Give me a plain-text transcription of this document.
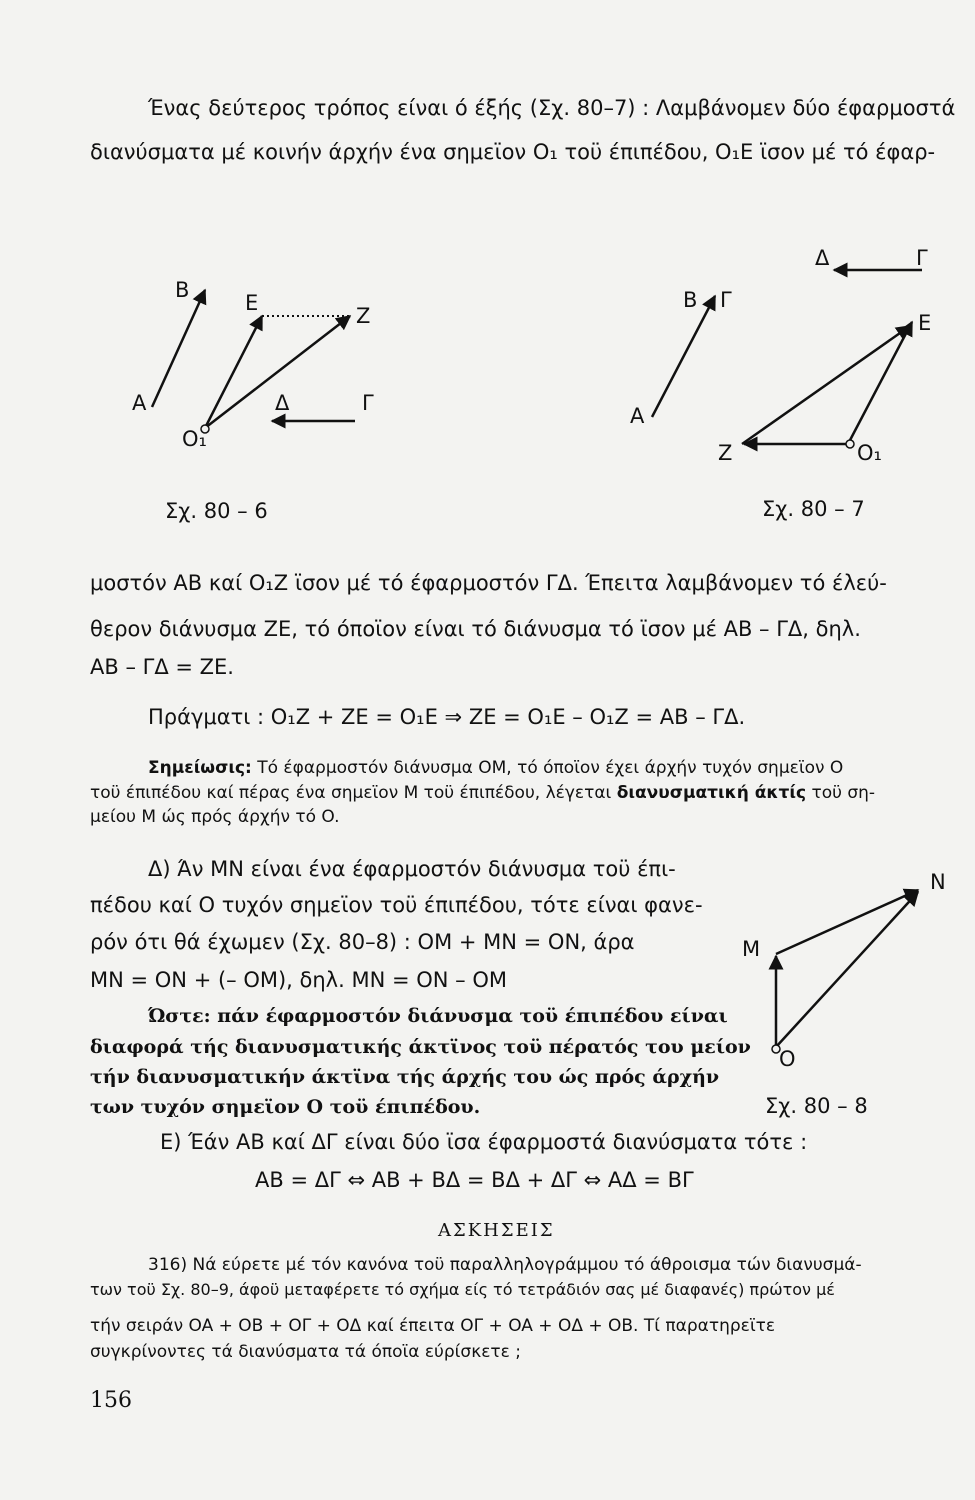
Ένας δεύτερος τρόπος είναι ό έξής (Σχ. 80–7) : Λαμβάνομεν δύο έφαρμοστά

διανύσματα μέ κοινήν άρχήν ένα σημεϊον O₁ τοϋ έπιπέδου, O₁E ϊσον μέ τό έφαρ-

A
B
E
Z
O₁
Δ	Γ
Σχ. 80 – 6
Δ	Γ
B Γ
E
A
Z	O₁
Σχ. 80 – 7

μοστόν AB καί O₁Z ϊσον μέ τό έφαρμοστόν ΓΔ. Έπειτα λαμβάνομεν τό έλεύ-

θερον διάνυσμα ZE, τό όποϊον είναι τό διάνυσμα τό ϊσον μέ AB – ΓΔ, δηλ.

AB – ΓΔ = ZE.

Πράγματι : O₁Z + ZE = O₁E ⇒ ZE = O₁E – O₁Z = AB – ΓΔ.

Σημείωσις: Τό έφαρμοστόν διάνυσμα OM, τό όποϊον έχει άρχήν τυχόν σημεϊον O

τοϋ έπιπέδου καί πέρας ένα σημεϊον M τοϋ έπιπέδου, λέγεται διανυσματική άκτίς τοϋ ση-

μείου M ώς πρός άρχήν τό O.

Δ) Άν MN είναι ένα έφαρμοστόν διάνυσμα τοϋ έπι-

πέδου καί O τυχόν σημεϊον τοϋ έπιπέδου, τότε είναι φανε-

ρόν ότι θά έχωμεν (Σχ. 80–8) : OM + MN = ON, άρα

MN = ON + (– OM), δηλ. MN = ON – OM

Ώστε: πάν έφαρμοστόν διάνυσμα τοϋ έπιπέδου είναι

διαφορά τής διανυσματικής άκτϊνος τοϋ πέρατός του μείον

τήν διανυσματικήν άκτϊνα τής άρχής του ώς πρός άρχήν

των τυχόν σημεϊον O τοϋ έπιπέδου.

N
M
O
Σχ. 80 – 8

E) Έάν AB καί ΔΓ είναι δύο ϊσα έφαρμοστά διανύσματα τότε :

AB = ΔΓ ⇔ AB + BΔ = BΔ + ΔΓ ⇔ AΔ = BΓ

ΑΣΚΗΣΕΙΣ

316) Νά εύρετε μέ τόν κανόνα τοϋ παραλληλογράμμου τό άθροισμα τών διανυσμά-

των τοϋ Σχ. 80–9, άφοϋ μεταφέρετε τό σχήμα είς τό τετράδιόν σας μέ διαφανές) πρώτον μέ

τήν σειράν OA + OB + OΓ + OΔ καί έπειτα OΓ + OA + OΔ + OB. Τί παρατηρεϊτε

συγκρίνοντες τά διανύσματα τά όποϊα εύρίσκετε ;

156
